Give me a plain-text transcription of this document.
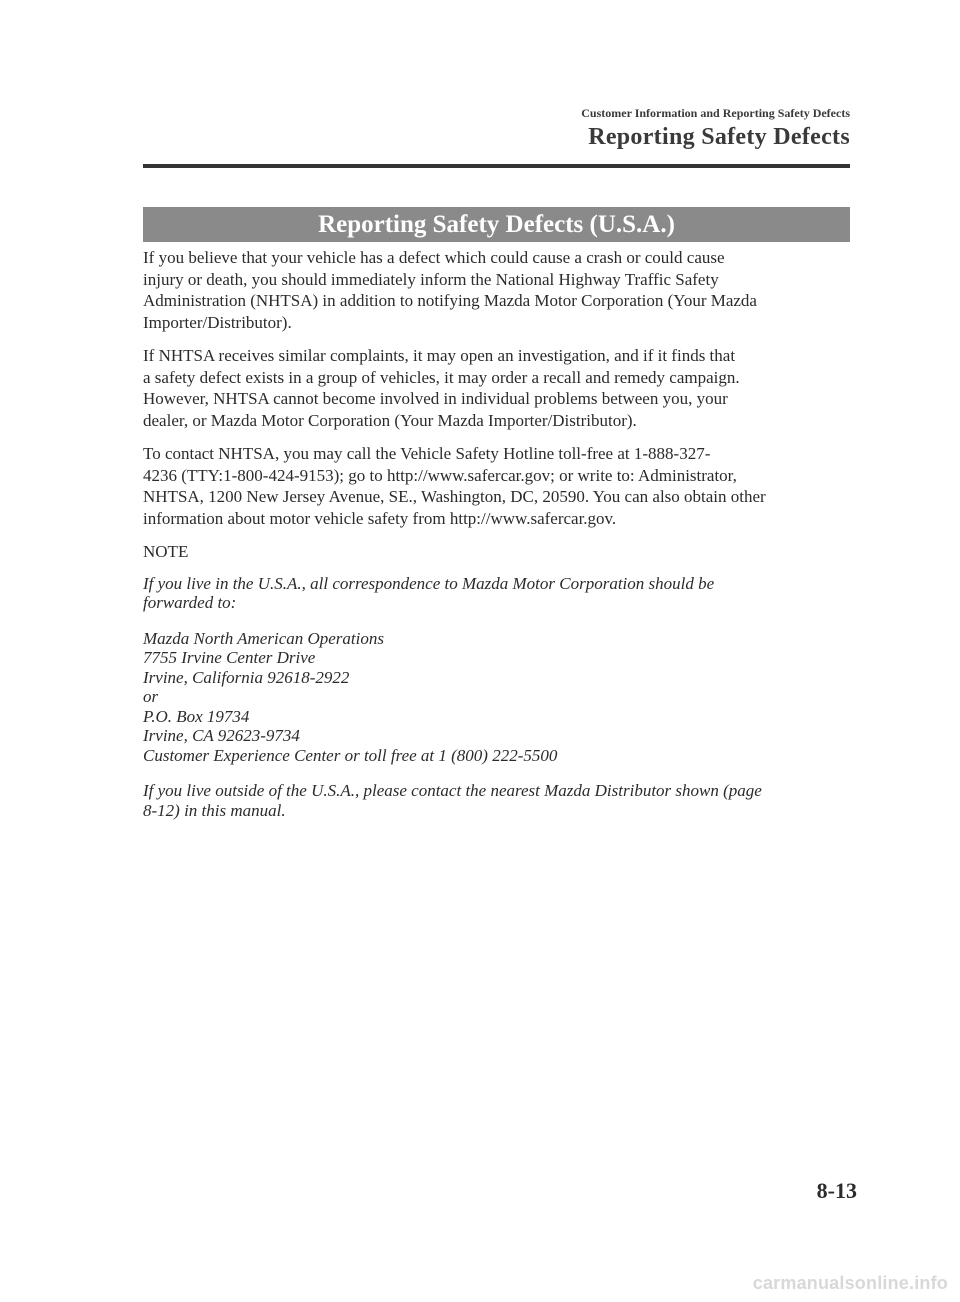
Customer Information and Reporting Safety Defects
Reporting Safety Defects
Reporting Safety Defects (U.S.A.)
If you believe that your vehicle has a defect which could cause a crash or could cause
injury or death, you should immediately inform the National Highway Traffic Safety
Administration (NHTSA) in addition to notifying Mazda Motor Corporation (Your Mazda
Importer/Distributor).
If NHTSA receives similar complaints, it may open an investigation, and if it finds that
a safety defect exists in a group of vehicles, it may order a recall and remedy campaign.
However, NHTSA cannot become involved in individual problems between you, your
dealer, or Mazda Motor Corporation (Your Mazda Importer/Distributor).
To contact NHTSA, you may call the Vehicle Safety Hotline toll-free at 1-888-327-
4236 (TTY:1-800-424-9153); go to http://www.safercar.gov; or write to: Administrator,
NHTSA, 1200 New Jersey Avenue, SE., Washington, DC, 20590. You can also obtain other
information about motor vehicle safety from http://www.safercar.gov.
NOTE
If you live in the U.S.A., all correspondence to Mazda Motor Corporation should be
forwarded to:
Mazda North American Operations
7755 Irvine Center Drive
Irvine, California 92618-2922
or
P.O. Box 19734
Irvine, CA 92623-9734
Customer Experience Center or toll free at 1 (800) 222-5500
If you live outside of the U.S.A., please contact the nearest Mazda Distributor shown (page
8-12) in this manual.
8-13
carmanualsonline.info
